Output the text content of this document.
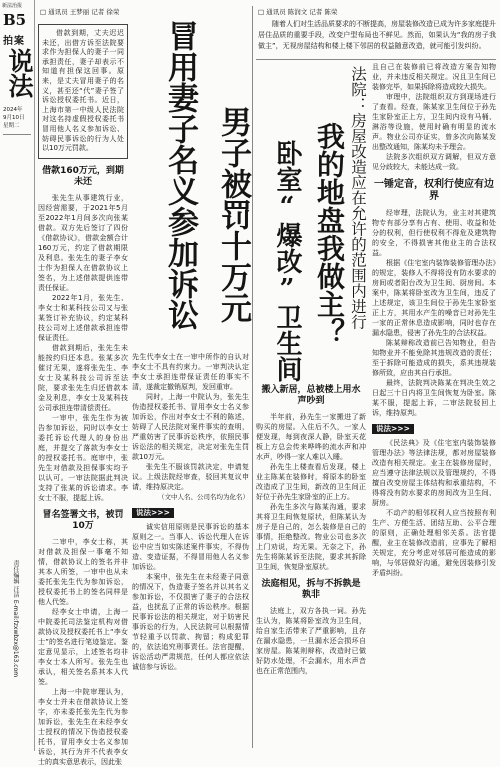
新法治报
B5
拍案
说法
2024年
9月10日
星期二
责任编辑 汪洁 E-mail:fzxwbzx@163.com
□ 通讯员 王梦丽 记者 徐荣
男子被罚十万元
冒用妻子名义参加诉讼

借款到期，丈夫迟迟未还，出借方诉至法院要求作为担保人的妻子一同承担责任，妻子却表示不知道有担保这回事。原来，是丈夫冒用妻子的名义，甚至还“代”妻子签了诉讼授权委托书。近日，上海市第一中级人民法院对这名持虚假授权委托书冒用他人名义参加诉讼、妨碍民事诉讼的行为人处以10万元罚款。

借款160万元，到期未还

张先生从事建筑行业，因经营需要，于2021年5月至2022年1月间多次向张某借款。双方先后签订了四份《借款协议》，借款金额合计160万元，约定了借款期限及利息。张先生的妻子李女士作为担保人在借款协议上签名，为上述借款提供连带责任保证。

2022年1月，张先生、李女士和某科技公司又与张某签订补充协议，约定某科技公司对上述借款承担连带保证责任。

借款到期后，张先生未能按约归还本息。张某多次催讨无果，遂将张先生、李女士及某科技公司诉至法院，要求张先生归还借款本金及利息，李女士及某科技公司承担连带清偿责任。

一审中，张先生作为被告参加诉讼，同时以李女士委托诉讼代理人的身份出庭，并提交了落款为李女士的授权委托书。庭审中，张先生对借款及担保事实均予以认可。一审法院据此判决支持了张某的诉讼请求。李女士不服，提起上诉。

冒名签署文书，被罚10万

二审中，李女士称，其对借款及担保一事毫不知情，借款协议上的签名并非其本人所签，一审中也从未委托张先生代为参加诉讼，授权委托书上的签名同样是他人代签。

经李女士申请，上海一中院委托司法鉴定机构对借款协议及授权委托书上“李女士”的签名进行笔迹鉴定。鉴定意见显示，上述签名均非李女士本人所写。张先生也承认，相关签名系其本人代签。

上海一中院审理认为，李女士并未在借款协议上签字，亦未委托张先生代为参加诉讼，张先生在未经李女士授权的情况下伪造授权委托书，冒用李女士名义参加诉讼，其行为并不代表李女士的真实意思表示，因此张

先生代李女士在一审中所作的自认对李女士不具有约束力。一审判决认定李女士承担连带保证责任的事实不清，遂裁定撤销原判，发回重审。

同时，上海一中院认为，张先生伪造授权委托书、冒用李女士名义参加诉讼，作出对李女士不利的陈述，妨碍了人民法院对案件事实的查明，严重妨害了民事诉讼秩序，依照民事诉讼法的相关规定，决定对张先生罚款10万元。

张先生不服该罚款决定，申请复议。上级法院经审查，驳回其复议申请，维持原决定。

（文中人名、公司名均为化名）

说法>>>

诚实信用原则是民事诉讼的基本原则之一。当事人、诉讼代理人在诉讼中应当如实陈述案件事实，不得伪造、变造证据，不得冒用他人名义参加诉讼。

本案中，张先生在未经妻子同意的情况下，伪造妻子签名并以其名义参加诉讼，不仅损害了妻子的合法权益，也扰乱了正常的诉讼秩序。根据民事诉讼法的相关规定，对于妨害民事诉讼的行为，人民法院可以根据情节轻重予以罚款、拘留；构成犯罪的，依法追究刑事责任。法官提醒，诉讼活动严肃规范，任何人都应依法诚信参与诉讼。

□ 通讯员 陈润文 记者 陈荣
随着人们对生活品质要求的不断提高，房屋装修改造已成为许多家庭提升居住品质的重要手段，改变户型布局也不鲜见。然而，如果认为“我的房子我做主”，无视房屋结构和楼上楼下邻居的权益随意改造，就可能引发纠纷。
法院：房屋改造应在允许的范围内进行
我的地盘我做主？
卧室“爆改”卫生间
搬入新居，总被楼上用水声吵到

半年前，孙先生一家搬进了新购买的房屋。入住后不久，一家人便发现，每到夜深人静，卧室天花板上方总会传来哗哗的流水声和冲水声，吵得一家人难以入睡。

孙先生上楼查看后发现，楼上业主陈某在装修时，将原本的卧室改造成了卫生间，新改的卫生间正好位于孙先生家卧室的正上方。

孙先生多次与陈某沟通，要求其将卫生间恢复原状，但陈某认为房子是自己的，怎么装修是自己的事情，拒绝整改。物业公司也多次上门劝说，均无果。无奈之下，孙先生将陈某诉至法院，要求其拆除卫生间，恢复卧室原状。

法庭相见，拆与不拆孰是孰非

法庭上，双方各执一词。孙先生认为，陈某将卧室改为卫生间，给自家生活带来了严重影响，且存在漏水隐患，一旦漏水还会损坏自家房屋。陈某则辩称，改造时已做好防水处理，不会漏水，用水声音也在正常范围内，

且自己在装修前已将改造方案告知物业，并未违反相关规定。况且卫生间已装修完毕，如果拆除将造成较大损失。

审理中，法院组织双方到现场进行了查看。经查，陈某家卫生间位于孙先生家卧室正上方，卫生间内设有马桶、淋浴等设施，使用时确有明显的流水声。物业公司亦证实，曾多次向陈某发出整改通知，陈某均未予理会。

法院多次组织双方调解，但双方意见分歧较大，未能达成一致。

一锤定音，权利行使应有边界

经审理，法院认为，业主对其建筑物专有部分享有占有、使用、收益和处分的权利，但行使权利不得危及建筑物的安全，不得损害其他业主的合法权益。

根据《住宅室内装饰装修管理办法》的规定，装修人不得将没有防水要求的房间或者阳台改为卫生间、厨房间。本案中，陈某将卧室改为卫生间，违反了上述规定，该卫生间位于孙先生家卧室正上方，其用水产生的噪音已对孙先生一家的正常休息造成影响，同时也存在漏水隐患，侵害了孙先生的合法权益。

陈某辩称改造前已告知物业，但告知物业并不能免除其违规改造的责任；至于拆除可能造成的损失，系其违规装修所致，应由其自行承担。

最终，法院判决陈某在判决生效之日起三十日内将卫生间恢复为卧室。陈某不服，提起上诉，二审法院驳回上诉，维持原判。

说法>>>

《民法典》及《住宅室内装饰装修管理办法》等法律法规，都对房屋装修改造有相关规定。业主在装修房屋时，应当遵守法律法规以及管理规约，不得擅自改变房屋主体结构和承重结构，不得将没有防水要求的房间改为卫生间、厨房。

不动产的相邻权利人应当按照有利生产、方便生活、团结互助、公平合理的原则，正确处理相邻关系。法官提醒，业主在装修改造前，应事先了解相关规定，充分考虑对邻居可能造成的影响，与邻居做好沟通，避免因装修引发矛盾纠纷。
